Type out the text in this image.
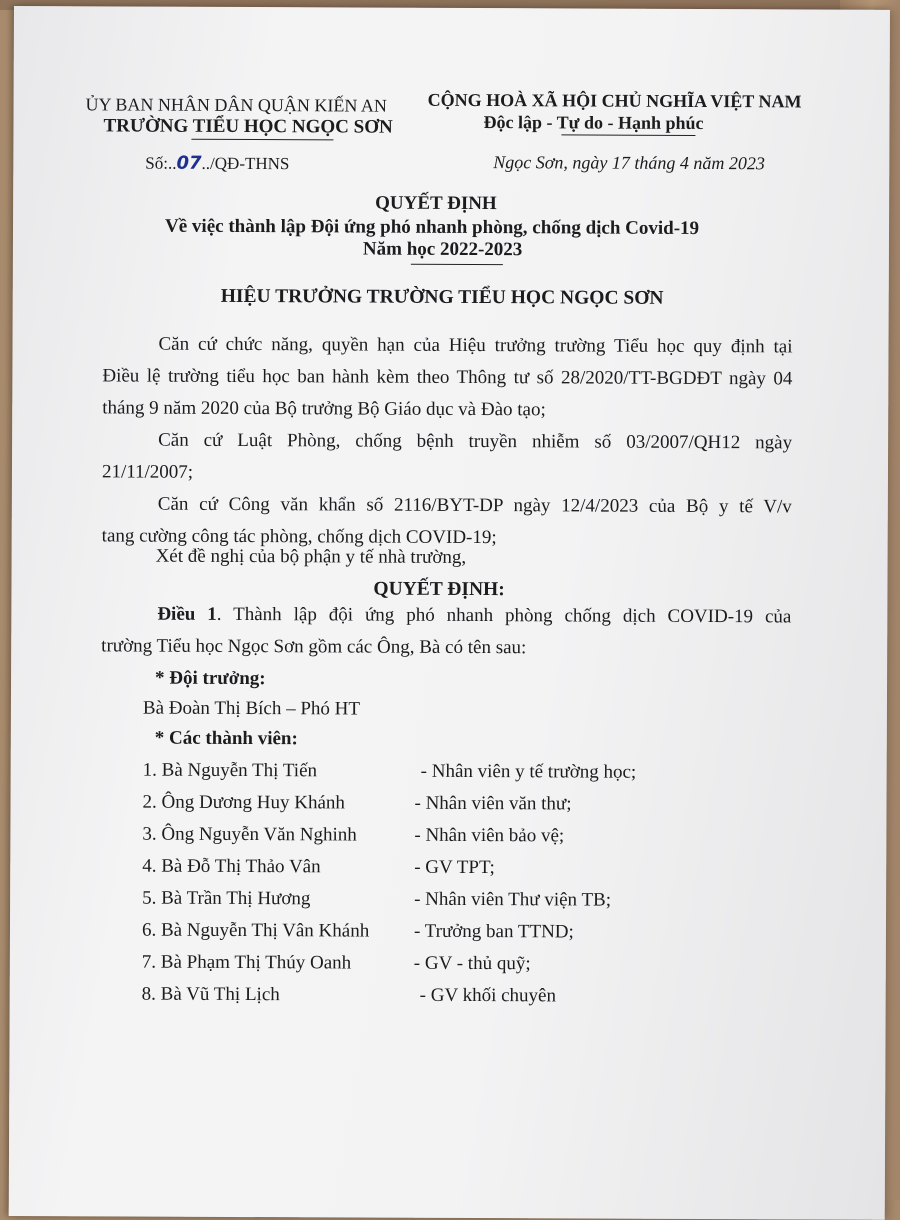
ỦY BAN NHÂN DÂN QUẬN KIẾN AN
TRƯỜNG TIỂU HỌC NGỌC SƠN
Số:..07../QĐ-THNS
CỘNG HOÀ XÃ HỘI CHỦ NGHĨA VIỆT NAM
Độc lập - Tự do - Hạnh phúc
Ngọc Sơn, ngày 17 tháng 4 năm 2023
QUYẾT ĐỊNH
Về việc thành lập Đội ứng phó nhanh phòng, chống dịch Covid-19
Năm học 2022-2023
HIỆU TRƯỞNG TRƯỜNG TIỂU HỌC NGỌC SƠN
Căn cứ chức năng, quyền hạn của Hiệu trưởng trường Tiểu học quy định tại
Điều lệ trường tiểu học ban hành kèm theo Thông tư số 28/2020/TT-BGDĐT ngày 04
tháng 9 năm 2020 của Bộ trưởng Bộ Giáo dục và Đào tạo;
Căn cứ Luật Phòng, chống bệnh truyền nhiễm số 03/2007/QH12 ngày
21/11/2007;
Căn cứ Công văn khẩn số 2116/BYT-DP ngày 12/4/2023 của Bộ y tế V/v
tang cường công tác phòng, chống dịch COVID-19;
Xét đề nghị của bộ phận y tế nhà trường,
QUYẾT ĐỊNH:
Điều 1. Thành lập đội ứng phó nhanh phòng chống dịch COVID-19 của
trường Tiểu học Ngọc Sơn gồm các Ông, Bà có tên sau:
* Đội trưởng:
Bà Đoàn Thị Bích – Phó HT
* Các thành viên:
1. Bà Nguyễn Thị Tiến	- Nhân viên y tế trường học;
2. Ông Dương Huy Khánh	- Nhân viên văn thư;
3. Ông Nguyễn Văn Nghinh	- Nhân viên bảo vệ;
4. Bà Đỗ Thị Thảo Vân	- GV TPT;
5. Bà Trần Thị Hương	- Nhân viên Thư viện TB;
6. Bà Nguyễn Thị Vân Khánh - Trưởng ban TTND;
7. Bà Phạm Thị Thúy Oanh	- GV - thủ quỹ;
8. Bà Vũ Thị Lịch	- GV khối chuyên
